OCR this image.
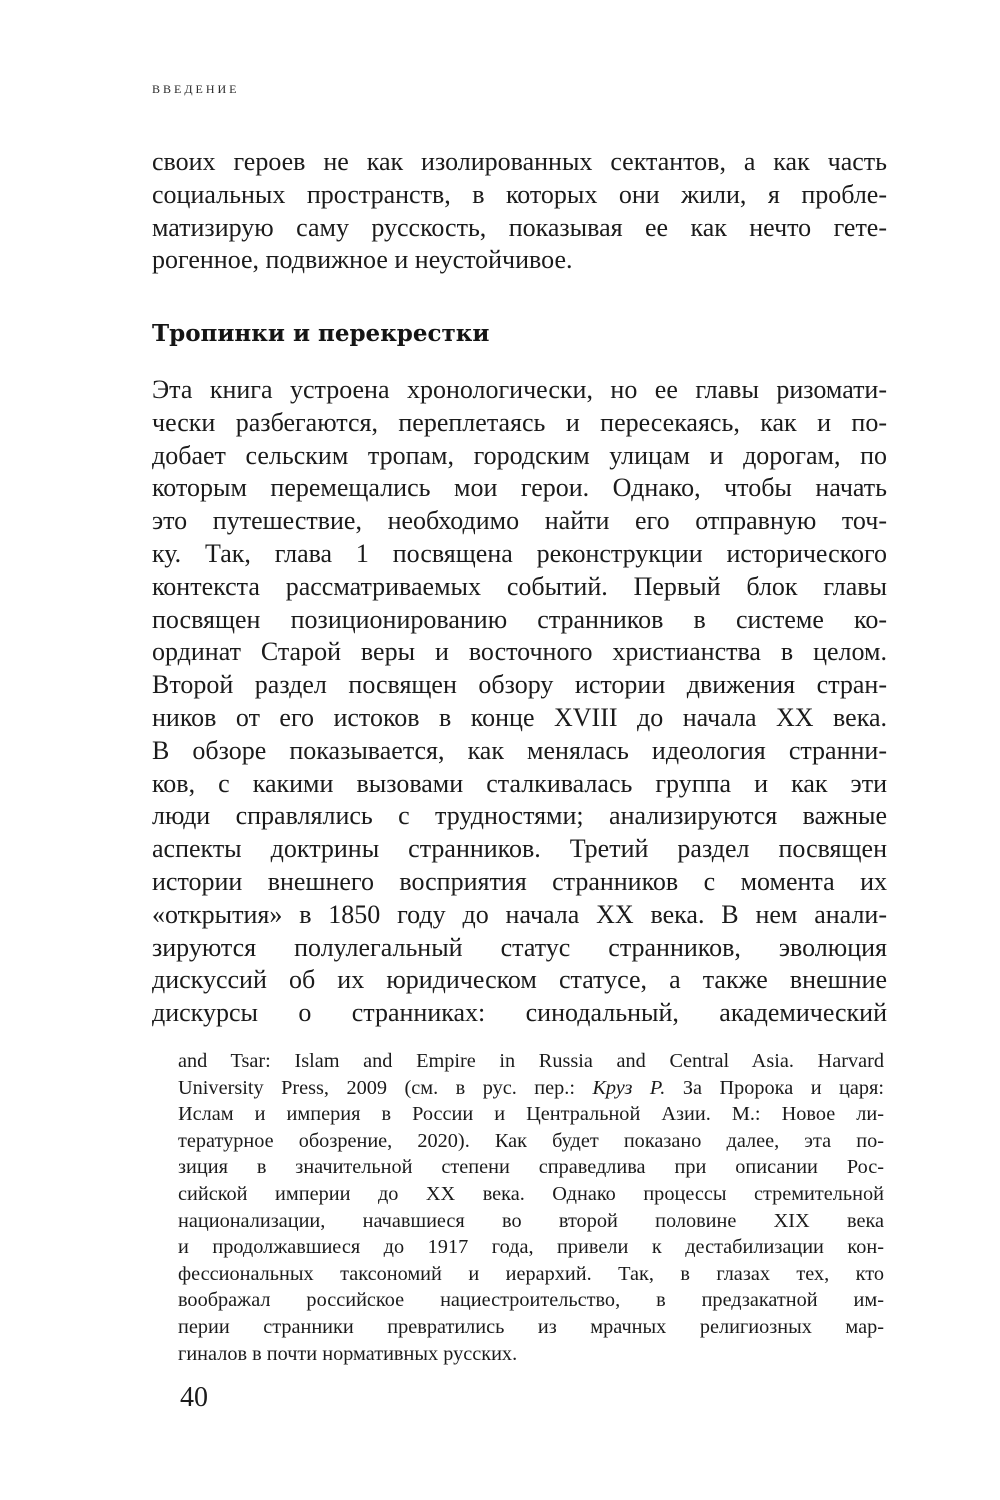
ВВЕДЕНИЕ
своих героев не как изолированных сектантов, а как часть
социальных пространств, в которых они жили, я пробле-
матизирую саму русскость, показывая ее как нечто гете-
рогенное, подвижное и неустойчивое.
Тропинки и перекрестки
Эта книга устроена хронологически, но ее главы ризомати-
чески разбегаются, переплетаясь и пересекаясь, как и по-
добает сельским тропам, городским улицам и дорогам, по
которым перемещались мои герои. Однако, чтобы начать
это путешествие, необходимо найти его отправную точ-
ку. Так, глава 1 посвящена реконструкции исторического
контекста рассматриваемых событий. Первый блок главы
посвящен позиционированию странников в системе ко-
ординат Старой веры и восточного христианства в целом.
Второй раздел посвящен обзору истории движения стран-
ников от его истоков в конце XVIII до начала XX века.
В обзоре показывается, как менялась идеология странни-
ков, с какими вызовами сталкивалась группа и как эти
люди справлялись с трудностями; анализируются важные
аспекты доктрины странников. Третий раздел посвящен
истории внешнего восприятия странников с момента их
«открытия» в 1850 году до начала XX века. В нем анали-
зируются полулегальный статус странников, эволюция
дискуссий об их юридическом статусе, а также внешние
дискурсы о странниках: синодальный, академический
and Tsar: Islam and Empire in Russia and Central Asia. Harvard
University Press, 2009 (см. в рус. пер.: Круз Р. За Пророка и царя:
Ислам и империя в России и Центральной Азии. М.: Новое ли-
тературное обозрение, 2020). Как будет показано далее, эта по-
зиция в значительной степени справедлива при описании Рос-
сийской империи до XX века. Однако процессы стремительной
национализации, начавшиеся во второй половине XIX века
и продолжавшиеся до 1917 года, привели к дестабилизации кон-
фессиональных таксономий и иерархий. Так, в глазах тех, кто
воображал российское нациестроительство, в предзакатной им-
перии странники превратились из мрачных религиозных мар-
гиналов в почти нормативных русских.
40
